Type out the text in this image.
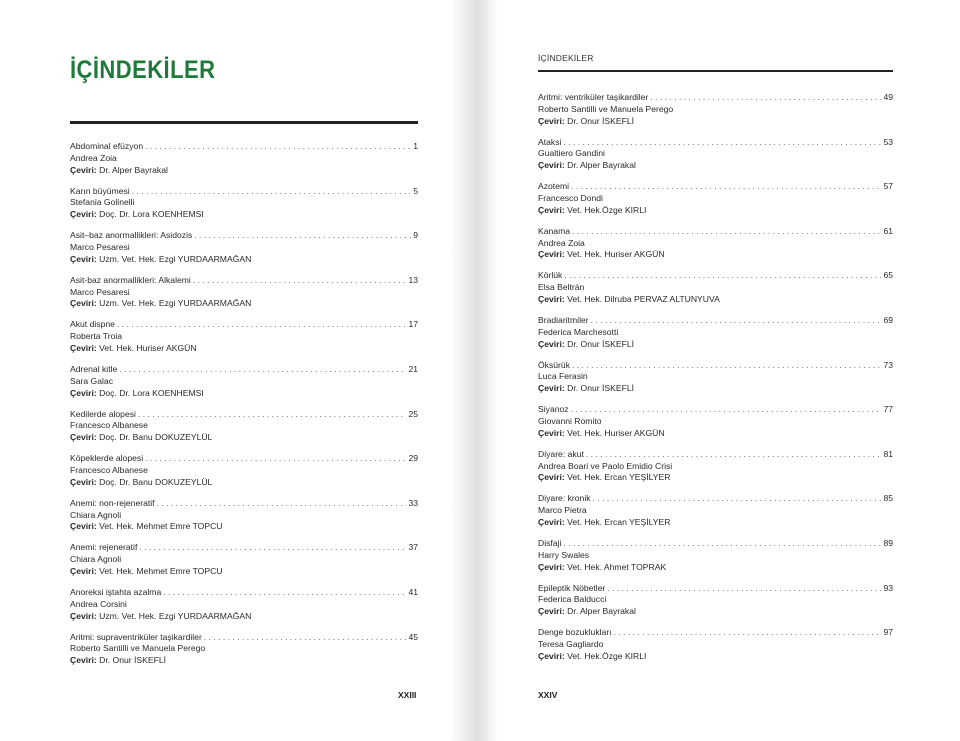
İÇİNDEKİLER
Abdominal efüzyon . . .	1
Andrea Zoia
Çeviri: Dr. Alper Bayrakal
Karın büyümesi . . .	5
Stefania Golinelli
Çeviri: Doç. Dr. Lora KOENHEMSI
Asit–baz anormallikleri: Asidozis . . .	9
Marco Pesaresi
Çeviri: Uzm. Vet. Hek. Ezgi YURDAARMAĞAN
Asit-baz anormallikleri: Alkalemi . . .	13
Marco Pesaresi
Çeviri: Uzm. Vet. Hek. Ezgi YURDAARMAĞAN
Akut dispne . . .	17
Roberta Troia
Çeviri: Vet. Hek. Huriser AKGÜN
Adrenal kitle . . .	21
Sara Galac
Çeviri: Doç. Dr. Lora KOENHEMSI
Kedilerde alopesi . . .	25
Francesco Albanese
Çeviri: Doç. Dr. Banu DOKUZEYLÜL
Köpeklerde alopesi . . .	29
Francesco Albanese
Çeviri: Doç. Dr. Banu DOKUZEYLÜL
Anemi: non-rejeneratif . . .	33
Chiara Agnoli
Çeviri: Vet. Hek. Mehmet Emre TOPCU
Anemi: rejeneratif . . .	37
Chiara Agnoli
Çeviri: Vet. Hek. Mehmet Emre TOPCU
Anoreksi iştahta azalma . . .	41
Andrea Corsini
Çeviri: Uzm. Vet. Hek. Ezgi YURDAARMAĞAN
Aritmi: supraventriküler taşikardiler . . .	45
Roberto Santilli ve Manuela Perego
Çeviri: Dr. Onur İSKEFLİ
XXIII
İÇİNDEKİLER
Aritmi: ventriküler taşikardiler . . .	49
Roberto Santilli ve Manuela Perego
Çeviri: Dr. Onur İSKEFLİ
Ataksi . . .	53
Gualtiero Gandini
Çeviri: Dr. Alper Bayrakal
Azotemi . . .	57
Francesco Dondi
Çeviri: Vet. Hek.Özge KIRLI
Kanama . . .	61
Andrea Zoia
Çeviri: Vet. Hek. Huriser AKGÜN
Körlük . . .	65
Elsa Beltrán
Çeviri: Vet. Hek. Dilruba PERVAZ ALTUNYUVA
Bradiaritmiler . . .	69
Federica Marchesotti
Çeviri: Dr. Onur İSKEFLİ
Öksürük . . .	73
Luca Ferasin
Çeviri: Dr. Onur İSKEFLİ
Siyanoz . . .	77
Giovanni Romito
Çeviri: Vet. Hek. Huriser AKGÜN
Diyare: akut . . .	81
Andrea Boari ve Paolo Emidio Crisi
Çeviri: Vet. Hek. Ercan YEŞİLYER
Diyare: kronik . . .	85
Marco Pietra
Çeviri: Vet. Hek. Ercan YEŞİLYER
Disfaji . . .	89
Harry Swales
Çeviri: Vet. Hek. Ahmet TOPRAK
Epileptik Nöbetler . . .	93
Federica Balducci
Çeviri: Dr. Alper Bayrakal
Denge bozuklukları . . .	97
Teresa Gagliardo
Çeviri: Vet. Hek.Özge KIRLI
XXIV
